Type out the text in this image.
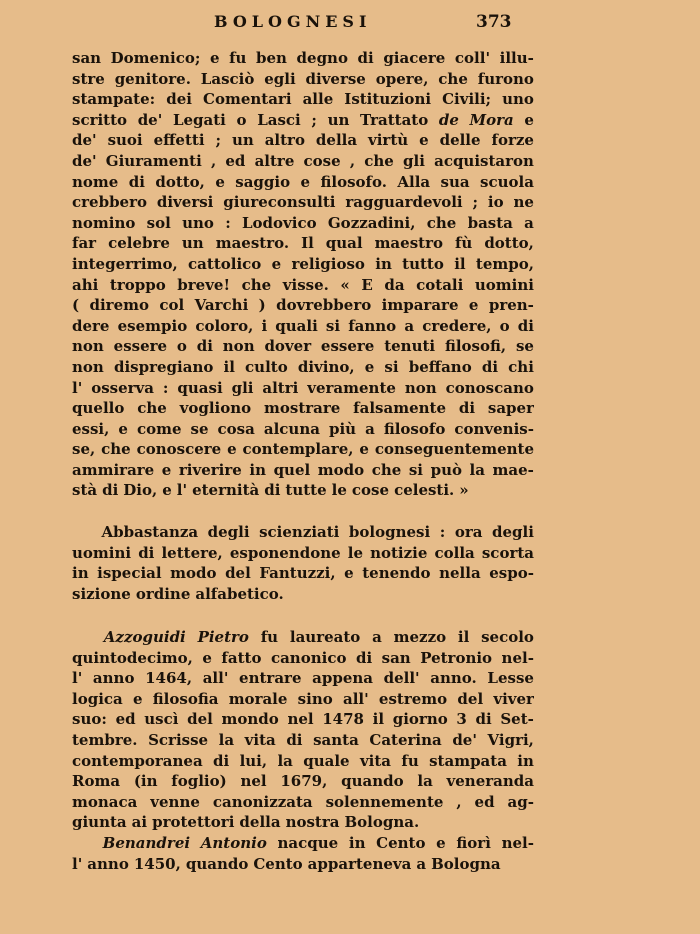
BOLOGNESI	373
san Domenico; e fu ben degno di giacere coll' illu-
stre genitore. Lasciò egli diverse opere, che furono
stampate: dei Comentari alle Istituzioni Civili; uno
scritto de' Legati o Lasci ; un Trattato de Mora e
de' suoi effetti ; un altro della virtù e delle forze
de' Giuramenti , ed altre cose , che gli acquistaron
nome di dotto, e saggio e filosofo. Alla sua scuola
crebbero diversi giureconsulti ragguardevoli ; io ne
nomino sol uno : Lodovico Gozzadini, che basta a
far celebre un maestro. Il qual maestro fù dotto,
integerrimo, cattolico e religioso in tutto il tempo,
ahi troppo breve! che visse. « E da cotali uomini
( diremo col Varchi ) dovrebbero imparare e pren-
dere esempio coloro, i quali si fanno a credere, o di
non essere o di non dover essere tenuti filosofi, se
non dispregiano il culto divino, e si beffano di chi
l' osserva : quasi gli altri veramente non conoscano
quello che vogliono mostrare falsamente di saper
essi, e come se cosa alcuna più a filosofo convenis-
se, che conoscere e contemplare, e conseguentemente
ammirare e riverire in quel modo che si può la mae-
stà di Dio, e l' eternità di tutte le cose celesti. »
Abbastanza degli scienziati bolognesi : ora degli
uomini di lettere, esponendone le notizie colla scorta
in ispecial modo del Fantuzzi, e tenendo nella espo-
sizione ordine alfabetico.
Azzoguidi Pietro fu laureato a mezzo il secolo
quintodecimo, e fatto canonico di san Petronio nel-
l' anno 1464, all' entrare appena dell' anno. Lesse
logica e filosofia morale sino all' estremo del viver
suo: ed uscì del mondo nel 1478 il giorno 3 di Set-
tembre. Scrisse la vita di santa Caterina de' Vigri,
contemporanea di lui, la quale vita fu stampata in
Roma (in foglio) nel 1679, quando la veneranda
monaca venne canonizzata solennemente , ed ag-
giunta ai protettori della nostra Bologna.
Benandrei Antonio nacque in Cento e fiorì nel-
l' anno 1450, quando Cento apparteneva a Bologna
